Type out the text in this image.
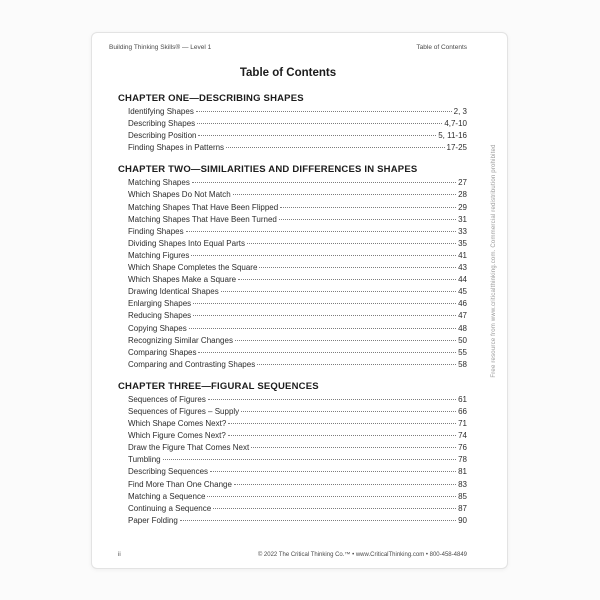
Building Thinking Skills® — Level 1	Table of Contents
Table of Contents
CHAPTER ONE—DESCRIBING SHAPES
Identifying Shapes	2, 3
Describing Shapes	4,7-10
Describing Position	5, 11-16
Finding Shapes in Patterns	17-25
CHAPTER TWO—SIMILARITIES AND DIFFERENCES IN SHAPES
Matching Shapes	27
Which Shapes Do Not Match	28
Matching Shapes That Have Been Flipped	29
Matching Shapes That Have Been Turned	31
Finding Shapes	33
Dividing Shapes Into Equal Parts	35
Matching Figures	41
Which Shape Completes the Square	43
Which Shapes Make a Square	44
Drawing Identical Shapes	45
Enlarging Shapes	46
Reducing Shapes	47
Copying Shapes	48
Recognizing Similar Changes	50
Comparing Shapes	55
Comparing and Contrasting Shapes	58
CHAPTER THREE—FIGURAL SEQUENCES
Sequences of Figures	61
Sequences of Figures – Supply	66
Which Shape Comes Next?	71
Which Figure Comes Next?	74
Draw the Figure That Comes Next	76
Tumbling	78
Describing Sequences	81
Find More Than One Change	83
Matching a Sequence	85
Continuing a Sequence	87
Paper Folding	90
Free resource from www.criticalthinking.com. Commercial redistribution prohibited
ii	© 2022 The Critical Thinking Co.™ • www.CriticalThinking.com • 800-458-4849
